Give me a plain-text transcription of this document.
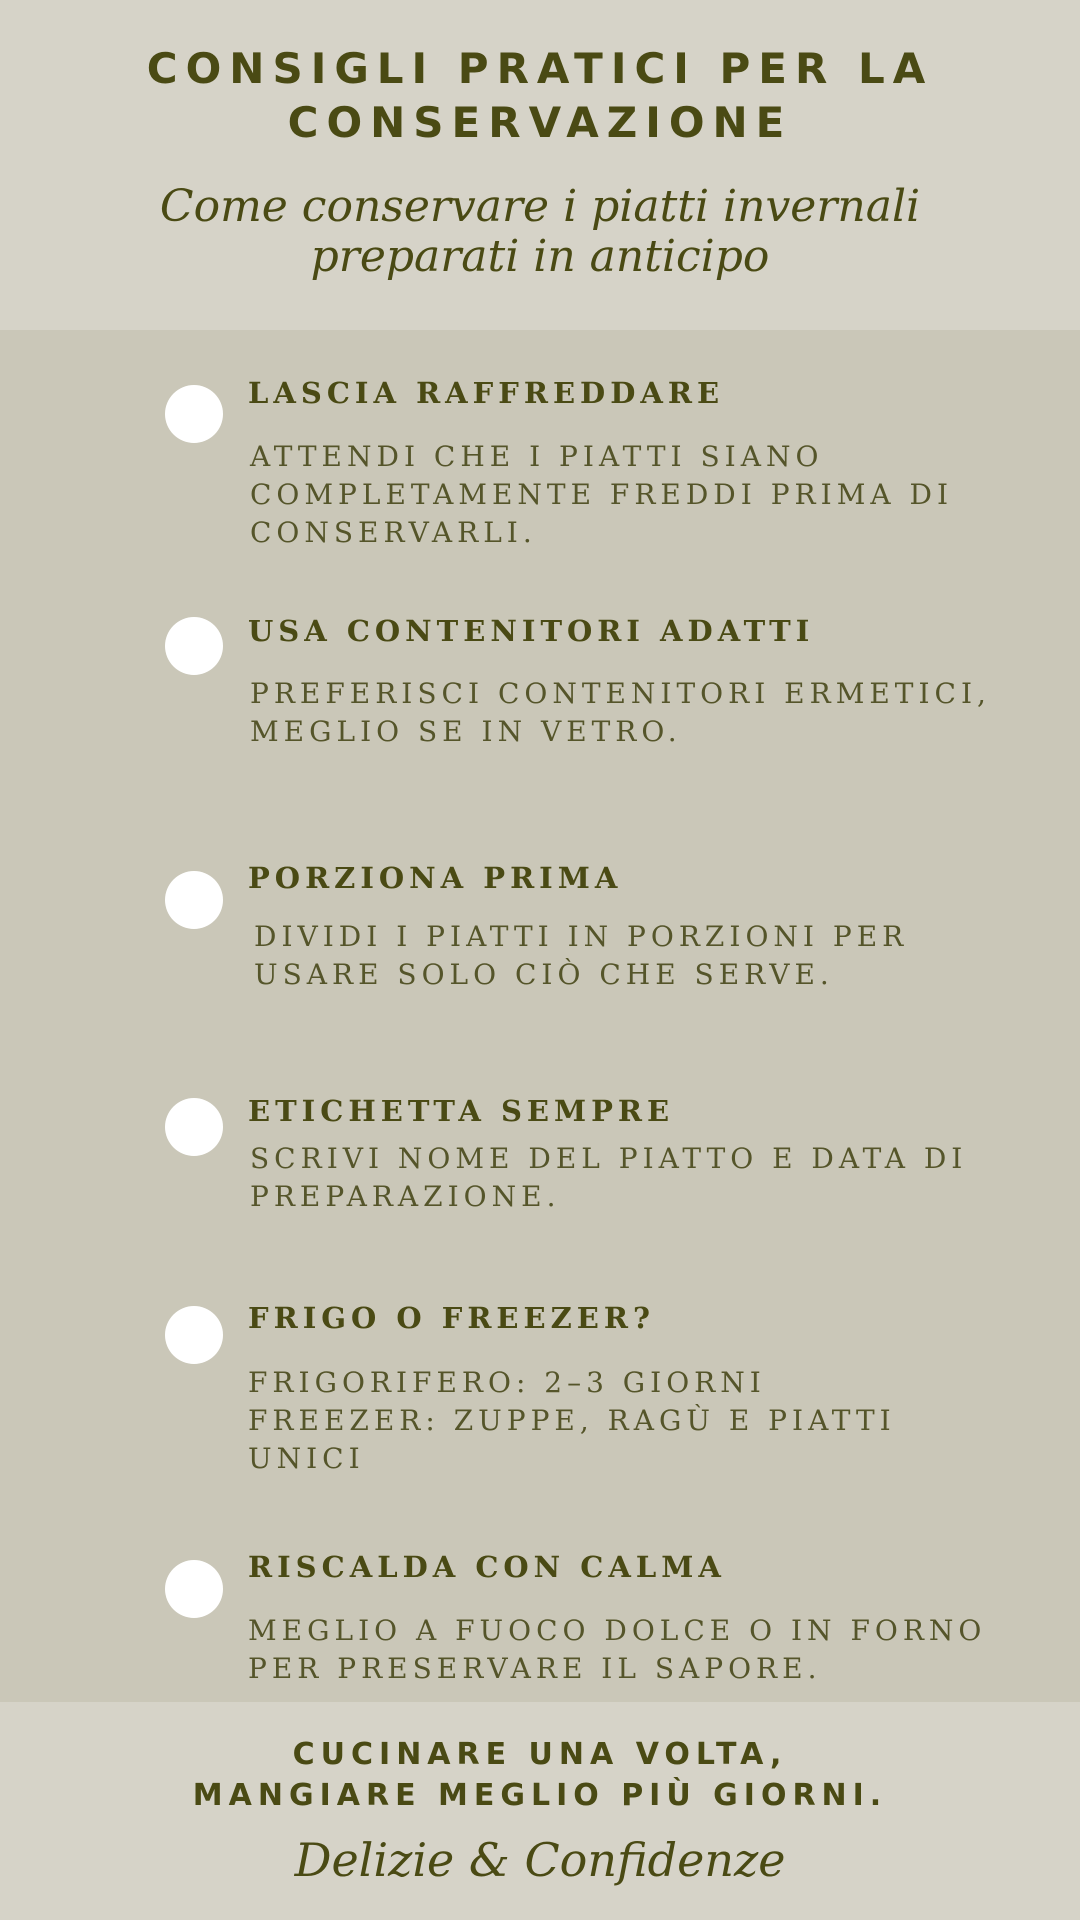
CONSIGLI PRATICI PER LA
CONSERVAZIONE
Come conservare i piatti invernali
preparati in anticipo
LASCIA RAFFREDDARE
ATTENDI CHE I PIATTI SIANO
COMPLETAMENTE FREDDI PRIMA DI
CONSERVARLI.
USA CONTENITORI ADATTI
PREFERISCI CONTENITORI ERMETICI,
MEGLIO SE IN VETRO.
PORZIONA PRIMA
DIVIDI I PIATTI IN PORZIONI PER
USARE SOLO CIÒ CHE SERVE.
ETICHETTA SEMPRE
SCRIVI NOME DEL PIATTO E DATA DI
PREPARAZIONE.
FRIGO O FREEZER?
FRIGORIFERO: 2–3 GIORNI
FREEZER: ZUPPE, RAGÙ E PIATTI
UNICI
RISCALDA CON CALMA
MEGLIO A FUOCO DOLCE O IN FORNO
PER PRESERVARE IL SAPORE.
CUCINARE UNA VOLTA,
MANGIARE MEGLIO PIÙ GIORNI.
Delizie & Confidenze
